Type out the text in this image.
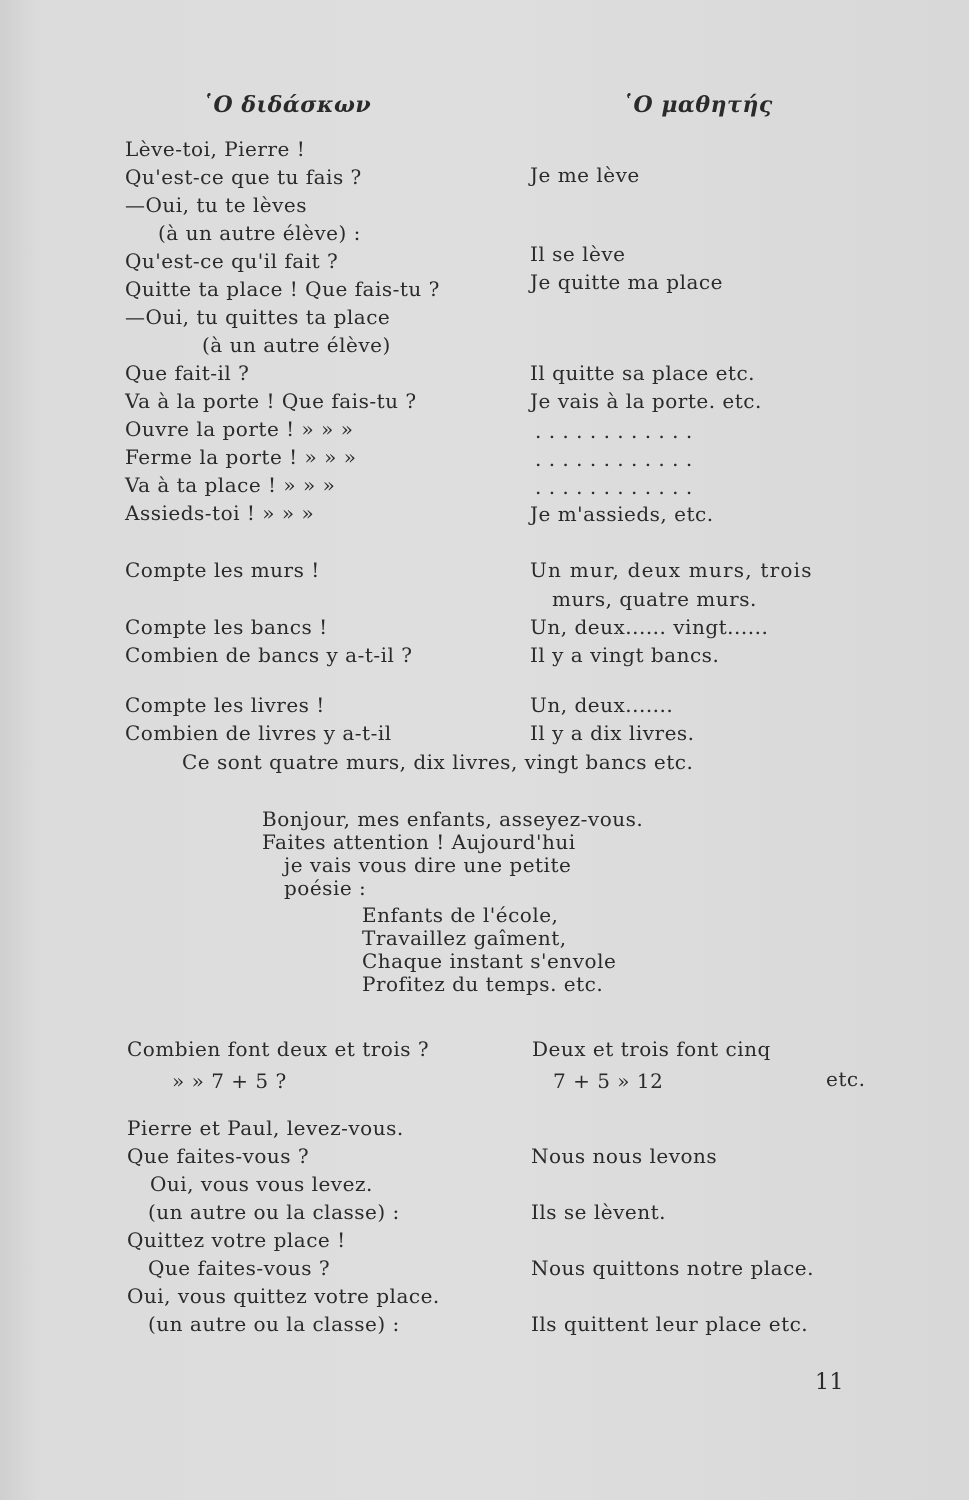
῾Ο διδάσκων	῾Ο μαθητής
Lève-toi, Pierre !
Qu'est-ce que tu fais ?
—Oui, tu te lèves
(à un autre élève) :
Qu'est-ce qu'il fait ?
Quitte ta place ! Que fais-tu ?
—Oui, tu quittes ta place
(à un autre élève)
Que fait-il ?
Va à la porte ! Que fais-tu ?
Ouvre la porte ! » » »
Ferme la porte ! » » »
Va à ta place ! » » »
Assieds-toi ! » » »
Compte les murs !
Compte les bancs !
Combien de bancs y a-t-il ?
Compte les livres !
Combien de livres y a-t-il
Je me lève
Il se lève
Je quitte ma place
Il quitte sa place etc.
Je vais à la porte. etc.
. . . . . . . . . . . .
. . . . . . . . . . . .
. . . . . . . . . . . .
Je m'assieds, etc.
Un mur, deux murs, trois
murs, quatre murs.
Un, deux...... vingt......
Il y a vingt bancs.
Un, deux.......
Il y a dix livres.
Ce sont quatre murs, dix livres, vingt bancs etc.
Bonjour, mes enfants, asseyez-vous.
Faites attention ! Aujourd'hui
je vais vous dire une petite
poésie :
Enfants de l'école,
Travaillez gaîment,
Chaque instant s'envole
Profitez du temps. etc.
Combien font deux et trois ?
» » 7 + 5 ?
Deux et trois font cinq
7 + 5 » 12	etc.
Pierre et Paul, levez-vous.
Que faites-vous ?
Oui, vous vous levez.
(un autre ou la classe) :
Quittez votre place !
Que faites-vous ?
Oui, vous quittez votre place.
(un autre ou la classe) :
Nous nous levons
Ils se lèvent.
Nous quittons notre place.
Ils quittent leur place etc.
11
